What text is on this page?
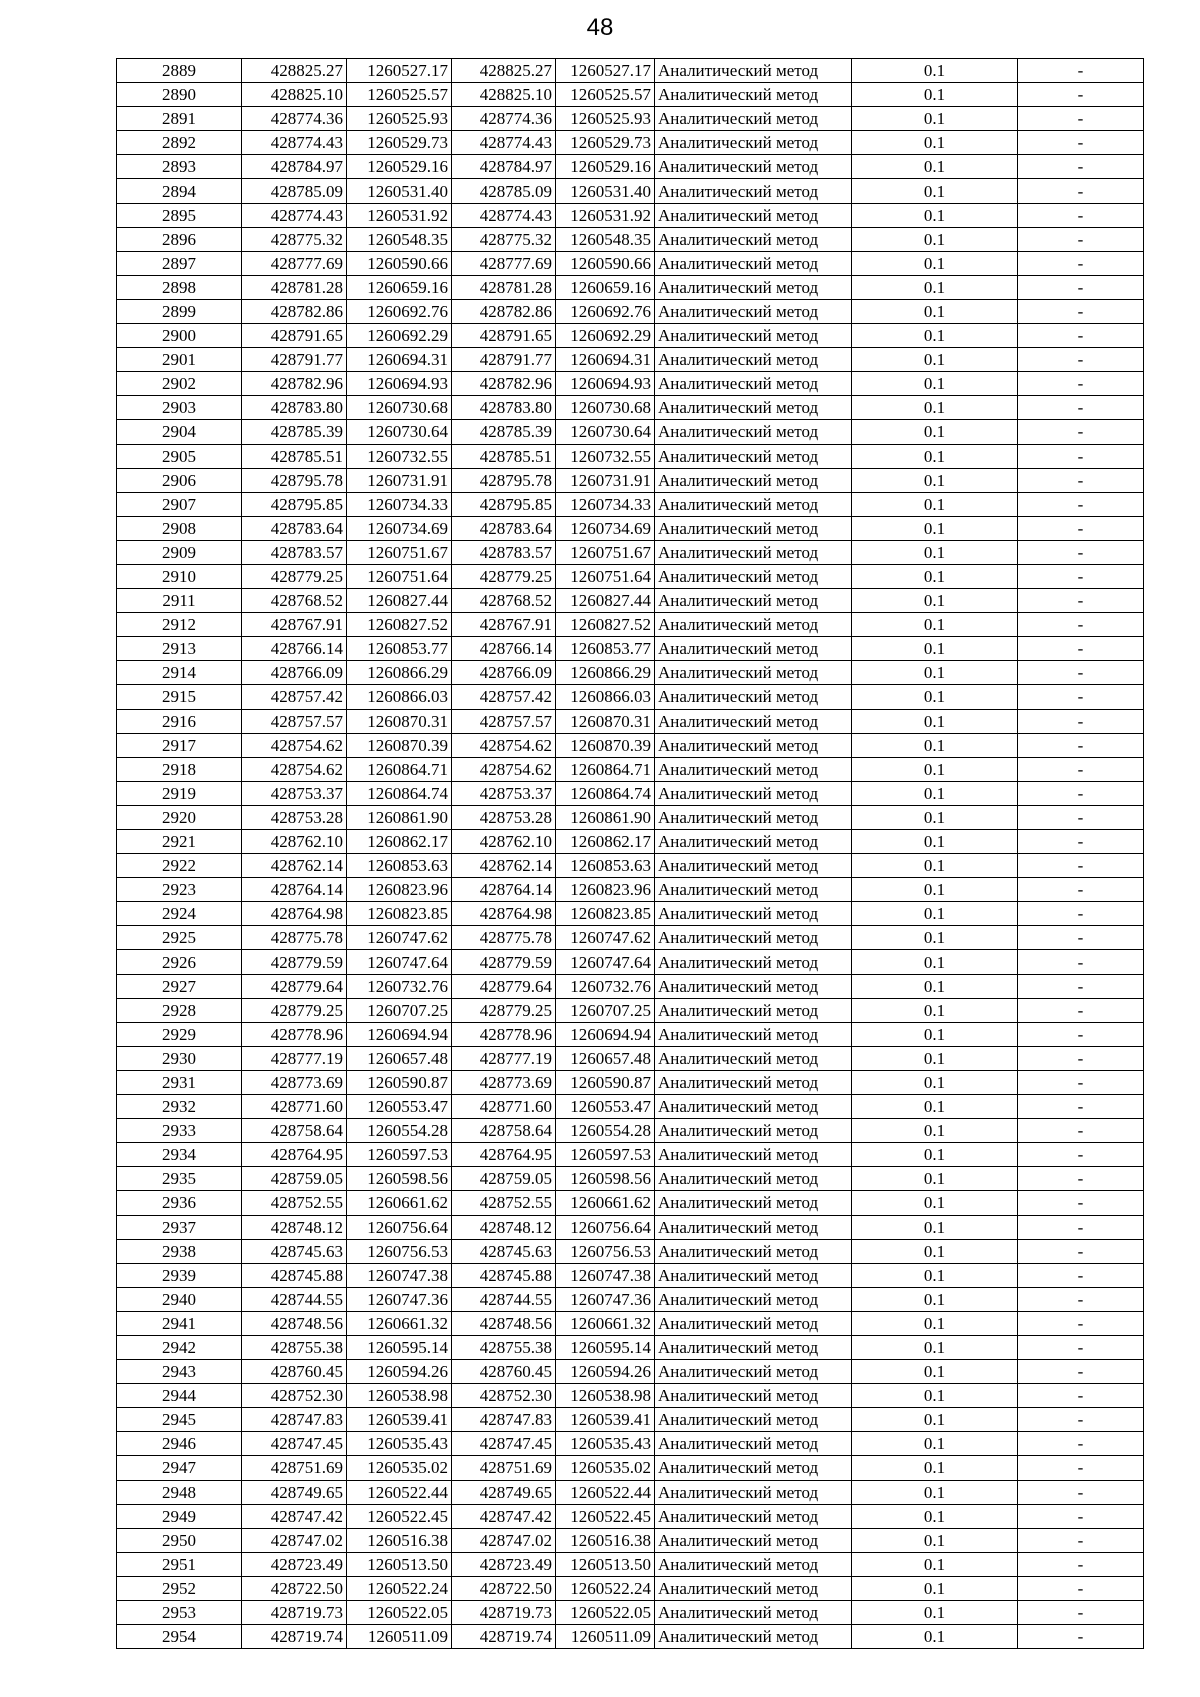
48
2889	428825.27	1260527.17	428825.27	1260527.17	Аналитический метод	0.1	-
2890	428825.10	1260525.57	428825.10	1260525.57	Аналитический метод	0.1	-
2891	428774.36	1260525.93	428774.36	1260525.93	Аналитический метод	0.1	-
2892	428774.43	1260529.73	428774.43	1260529.73	Аналитический метод	0.1	-
2893	428784.97	1260529.16	428784.97	1260529.16	Аналитический метод	0.1	-
2894	428785.09	1260531.40	428785.09	1260531.40	Аналитический метод	0.1	-
2895	428774.43	1260531.92	428774.43	1260531.92	Аналитический метод	0.1	-
2896	428775.32	1260548.35	428775.32	1260548.35	Аналитический метод	0.1	-
2897	428777.69	1260590.66	428777.69	1260590.66	Аналитический метод	0.1	-
2898	428781.28	1260659.16	428781.28	1260659.16	Аналитический метод	0.1	-
2899	428782.86	1260692.76	428782.86	1260692.76	Аналитический метод	0.1	-
2900	428791.65	1260692.29	428791.65	1260692.29	Аналитический метод	0.1	-
2901	428791.77	1260694.31	428791.77	1260694.31	Аналитический метод	0.1	-
2902	428782.96	1260694.93	428782.96	1260694.93	Аналитический метод	0.1	-
2903	428783.80	1260730.68	428783.80	1260730.68	Аналитический метод	0.1	-
2904	428785.39	1260730.64	428785.39	1260730.64	Аналитический метод	0.1	-
2905	428785.51	1260732.55	428785.51	1260732.55	Аналитический метод	0.1	-
2906	428795.78	1260731.91	428795.78	1260731.91	Аналитический метод	0.1	-
2907	428795.85	1260734.33	428795.85	1260734.33	Аналитический метод	0.1	-
2908	428783.64	1260734.69	428783.64	1260734.69	Аналитический метод	0.1	-
2909	428783.57	1260751.67	428783.57	1260751.67	Аналитический метод	0.1	-
2910	428779.25	1260751.64	428779.25	1260751.64	Аналитический метод	0.1	-
2911	428768.52	1260827.44	428768.52	1260827.44	Аналитический метод	0.1	-
2912	428767.91	1260827.52	428767.91	1260827.52	Аналитический метод	0.1	-
2913	428766.14	1260853.77	428766.14	1260853.77	Аналитический метод	0.1	-
2914	428766.09	1260866.29	428766.09	1260866.29	Аналитический метод	0.1	-
2915	428757.42	1260866.03	428757.42	1260866.03	Аналитический метод	0.1	-
2916	428757.57	1260870.31	428757.57	1260870.31	Аналитический метод	0.1	-
2917	428754.62	1260870.39	428754.62	1260870.39	Аналитический метод	0.1	-
2918	428754.62	1260864.71	428754.62	1260864.71	Аналитический метод	0.1	-
2919	428753.37	1260864.74	428753.37	1260864.74	Аналитический метод	0.1	-
2920	428753.28	1260861.90	428753.28	1260861.90	Аналитический метод	0.1	-
2921	428762.10	1260862.17	428762.10	1260862.17	Аналитический метод	0.1	-
2922	428762.14	1260853.63	428762.14	1260853.63	Аналитический метод	0.1	-
2923	428764.14	1260823.96	428764.14	1260823.96	Аналитический метод	0.1	-
2924	428764.98	1260823.85	428764.98	1260823.85	Аналитический метод	0.1	-
2925	428775.78	1260747.62	428775.78	1260747.62	Аналитический метод	0.1	-
2926	428779.59	1260747.64	428779.59	1260747.64	Аналитический метод	0.1	-
2927	428779.64	1260732.76	428779.64	1260732.76	Аналитический метод	0.1	-
2928	428779.25	1260707.25	428779.25	1260707.25	Аналитический метод	0.1	-
2929	428778.96	1260694.94	428778.96	1260694.94	Аналитический метод	0.1	-
2930	428777.19	1260657.48	428777.19	1260657.48	Аналитический метод	0.1	-
2931	428773.69	1260590.87	428773.69	1260590.87	Аналитический метод	0.1	-
2932	428771.60	1260553.47	428771.60	1260553.47	Аналитический метод	0.1	-
2933	428758.64	1260554.28	428758.64	1260554.28	Аналитический метод	0.1	-
2934	428764.95	1260597.53	428764.95	1260597.53	Аналитический метод	0.1	-
2935	428759.05	1260598.56	428759.05	1260598.56	Аналитический метод	0.1	-
2936	428752.55	1260661.62	428752.55	1260661.62	Аналитический метод	0.1	-
2937	428748.12	1260756.64	428748.12	1260756.64	Аналитический метод	0.1	-
2938	428745.63	1260756.53	428745.63	1260756.53	Аналитический метод	0.1	-
2939	428745.88	1260747.38	428745.88	1260747.38	Аналитический метод	0.1	-
2940	428744.55	1260747.36	428744.55	1260747.36	Аналитический метод	0.1	-
2941	428748.56	1260661.32	428748.56	1260661.32	Аналитический метод	0.1	-
2942	428755.38	1260595.14	428755.38	1260595.14	Аналитический метод	0.1	-
2943	428760.45	1260594.26	428760.45	1260594.26	Аналитический метод	0.1	-
2944	428752.30	1260538.98	428752.30	1260538.98	Аналитический метод	0.1	-
2945	428747.83	1260539.41	428747.83	1260539.41	Аналитический метод	0.1	-
2946	428747.45	1260535.43	428747.45	1260535.43	Аналитический метод	0.1	-
2947	428751.69	1260535.02	428751.69	1260535.02	Аналитический метод	0.1	-
2948	428749.65	1260522.44	428749.65	1260522.44	Аналитический метод	0.1	-
2949	428747.42	1260522.45	428747.42	1260522.45	Аналитический метод	0.1	-
2950	428747.02	1260516.38	428747.02	1260516.38	Аналитический метод	0.1	-
2951	428723.49	1260513.50	428723.49	1260513.50	Аналитический метод	0.1	-
2952	428722.50	1260522.24	428722.50	1260522.24	Аналитический метод	0.1	-
2953	428719.73	1260522.05	428719.73	1260522.05	Аналитический метод	0.1	-
2954	428719.74	1260511.09	428719.74	1260511.09	Аналитический метод	0.1	-
